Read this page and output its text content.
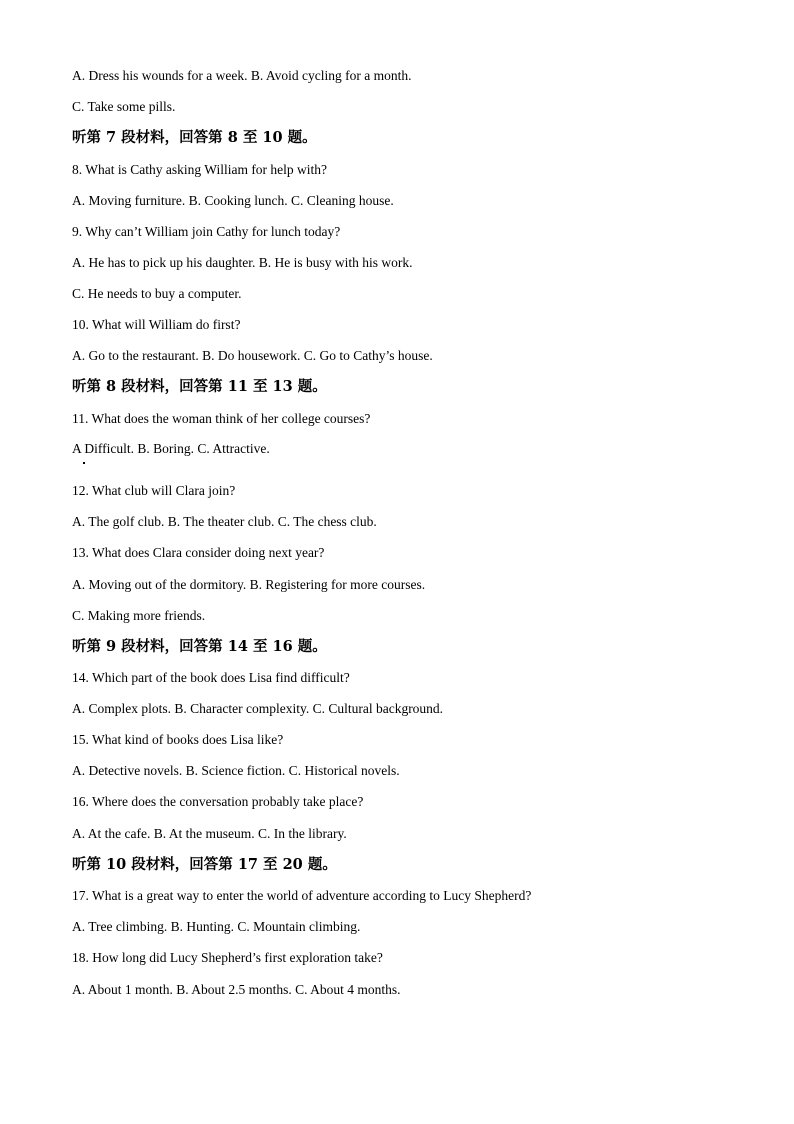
A. Dress his wounds for a week. B. Avoid cycling for a month.
C. Take some pills.
听第 7 段材料，回答第 8 至 10 题。
8. What is Cathy asking William for help with?
A. Moving furniture. B. Cooking lunch. C. Cleaning house.
9. Why can’t William join Cathy for lunch today?
A. He has to pick up his daughter. B. He is busy with his work.
C. He needs to buy a computer.
10. What will William do first?
A. Go to the restaurant. B. Do housework. C. Go to Cathy’s house.
听第 8 段材料，回答第 11 至 13 题。
11. What does the woman think of her college courses?
A Difficult. B. Boring. C. Attractive.
12. What club will Clara join?
A. The golf club. B. The theater club. C. The chess club.
13. What does Clara consider doing next year?
A. Moving out of the dormitory. B. Registering for more courses.
C. Making more friends.
听第 9 段材料，回答第 14 至 16 题。
14. Which part of the book does Lisa find difficult?
A. Complex plots. B. Character complexity. C. Cultural background.
15. What kind of books does Lisa like?
A. Detective novels. B. Science fiction. C. Historical novels.
16. Where does the conversation probably take place?
A. At the cafe. B. At the museum. C. In the library.
听第 10 段材料，回答第 17 至 20 题。
17. What is a great way to enter the world of adventure according to Lucy Shepherd?
A. Tree climbing. B. Hunting. C. Mountain climbing.
18. How long did Lucy Shepherd’s first exploration take?
A. About 1 month. B. About 2.5 months. C. About 4 months.
